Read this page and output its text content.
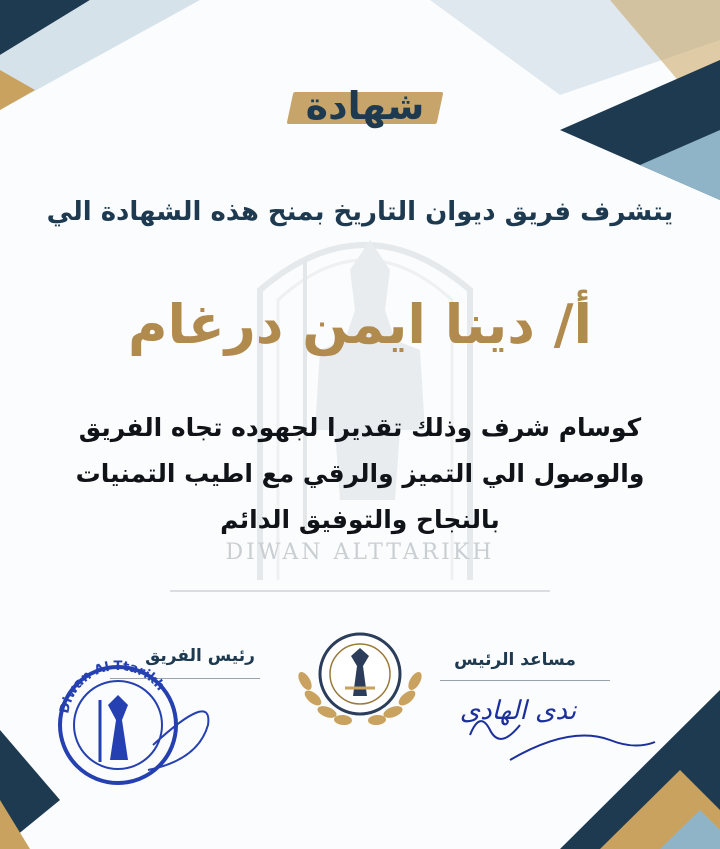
شهادة
يتشرف فريق ديوان التاريخ بمنح هذه الشهادة الي
أ/ دينا ايمن درغام
كوسام شرف وذلك تقديرا لجهوده تجاه الفريق
والوصول الي التميز والرقي مع اطيب التمنيات
بالنجاح والتوفيق الدائم
DIWAN ALTTARIKH
مساعد الرئيس
رئيس الفريق
Diwan Al-Ttarikh
ندى الهادى
